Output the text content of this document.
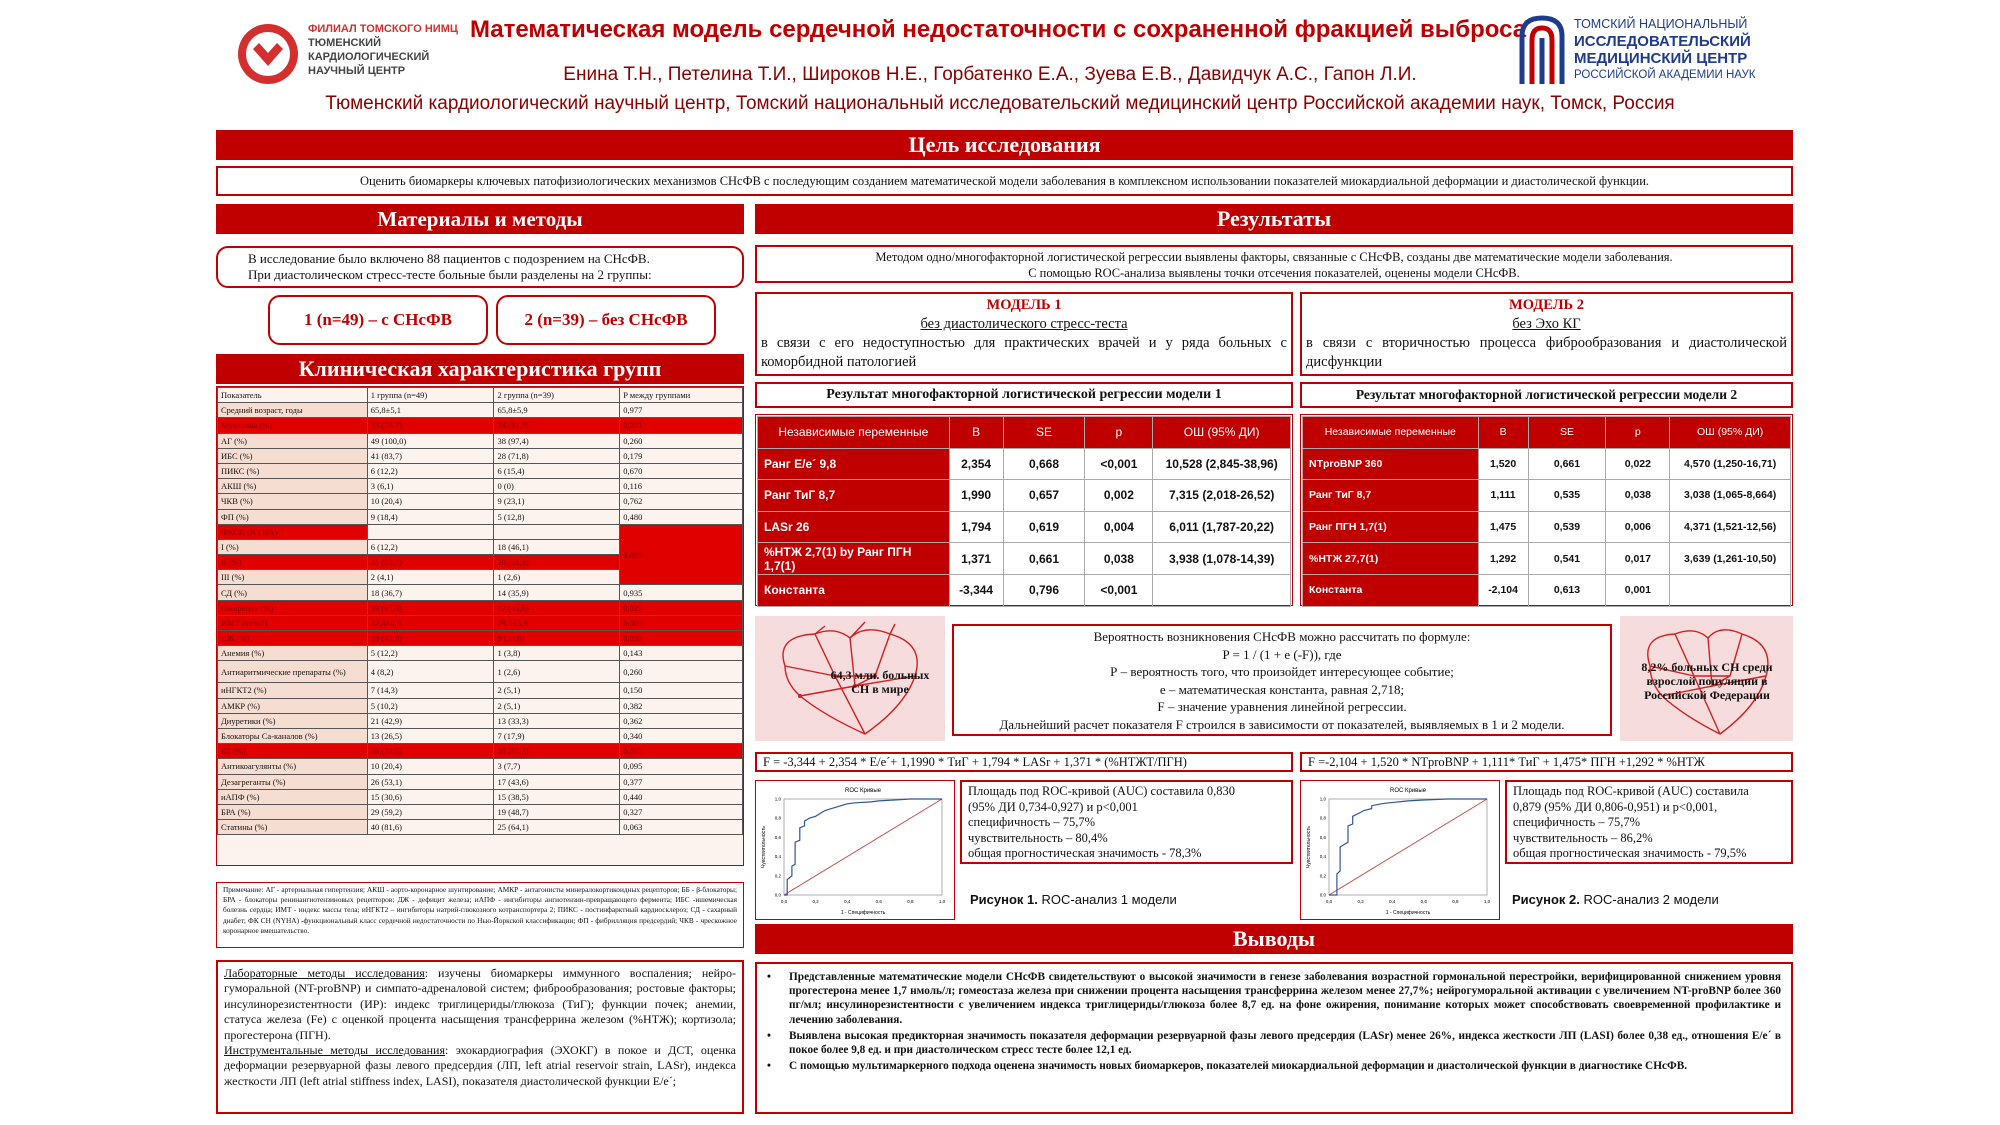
ФИЛИАЛ ТОМСКОГО НИМЦ
ТЮМЕНСКИЙ
КАРДИОЛОГИЧЕСКИЙ
НАУЧНЫЙ ЦЕНТР
Математическая модель сердечной недостаточности с сохраненной фракцией выброса
Енина Т.Н., Петелина Т.И., Широков Н.Е., Горбатенко Е.А., Зуева Е.В., Давидчук А.С., Гапон Л.И.
Тюменский кардиологический научный центр, Томский национальный исследовательский медицинский центр Российской академии наук, Томск, Россия
ТОМСКИЙ НАЦИОНАЛЬНЫЙ
ИССЛЕДОВАТЕЛЬСКИЙ
МЕДИЦИНСКИЙ ЦЕНТР
РОССИЙСКОЙ АКАДЕМИИ НАУК
Цель исследования
Оценить биомаркеры ключевых патофизиологических механизмов СНсФВ с последующим созданием математической модели заболевания в комплексном использовании показателей миокардиальной деформации и диастолической функции.
Материалы и методы
В исследование было включено 88 пациентов с подозрением на СНсФВ.
При диастолическом стресс-тесте больные были разделены на 2 группы:
1 (n=49) – с СНсФВ	2 (n=39) – без СНсФВ
Клиническая характеристика групп
Показатель	1 группа (n=49)	2 группа (n=39)	P между группами
Средний возраст, годы	65,8±5,1	65,8±5,9	0,977
Мужчины (%)	18 (36,7)	24 (61,5)	0,021
АГ (%)	49 (100,0)	38 (97,4)	0,260
ИБС (%)	41 (83,7)	28 (71,8)	0,179
ПИКС (%)	6 (12,2)	6 (15,4)	0,670
АКШ (%)	3 (6,1)	0 (0)	0,116
ЧКВ (%)	10 (20,4)	9 (23,1)	0,762
ФП (%)	9 (18,4)	5 (12,8)	0,480
ФКСН (NYHA)			0,003
I (%)	6 (12,2)	18 (46,1)	
II (%)	41 (83,7)	20 (51,3)	
III (%)	2 (4,1)	1 (2,6)	
СД (%)	18 (36,7)	14 (35,9)	0,935
Ожирение (%)	33 (67,3)	17 (43,6)	0,025
ИМТ (кг/м2)	32,4±4,9	29,9±3,9	0,003
ДЖ (%)	18 (43,9)	9 (24,6)	0,033
Анемия (%)	5 (12,2)	1 (3,8)	0,143
Антиаритмические препараты (%)	4 (8,2)	1 (2,6)	0,260
иНГКТ2 (%)	7 (14,3)	2 (5,1)	0,150
АМКР (%)	5 (10,2)	2 (5,1)	0,382
Диуретики (%)	21 (42,9)	13 (33,3)	0,362
Блокаторы Ca-каналов (%)	13 (26,5)	7 (17,9)	0,340
ББ (%)	36 (73,5)	20 (51,3)	0,032
Антикоагулянты (%)	10 (20,4)	3 (7,7)	0,095
Дезагреганты (%)	26 (53,1)	17 (43,6)	0,377
иАПФ (%)	15 (30,6)	15 (38,5)	0,440
БРА (%)	29 (59,2)	19 (48,7)	0,327
Статины (%)	40 (81,6)	25 (64,1)	0,063
Примечание: АГ - артериальная гипертензия; АКШ - аорто-коронарное шунтирование; АМКР - антагонисты минералокортикоидных рецепторов; ББ - β-блокаторы; БРА - блокаторы ренинангиотензиновых рецепторов; ДЖ - дефицит железа; иАПФ - ингибиторы ангиотензин-превращающего фермента; ИБС -ишемическая болезнь сердца; ИМТ - индекс массы тела; иНГКТ2 – ингибиторы натрий-глюкозного котранспортера 2; ПИКС - постинфарктный кардиосклероз; СД - сахарный диабет; ФК СН (NYHA) -функциональный класс сердечной недостаточности по Нью-Йоркской классификации; ФП - фибрилляция предсердий; ЧКВ - чрескожное коронарное вмешательство.
Лабораторные методы исследования: изучены биомаркеры иммунного воспаления; нейро-гуморальной (NT-proBNP) и симпато-адреналовой систем; фиброобразования; ростовые факторы; инсулинорезистентности (ИР): индекс триглицериды/глюкоза (ТиГ); функции почек; анемии, статуса железа (Fe) с оценкой процента насыщения трансферрина железом (%НТЖ); кортизола; прогестерона (ПГН).
Инструментальные методы исследования: эхокардиография (ЭХОКГ) в покое и ДСТ, оценка деформации резервуарной фазы левого предсердия (ЛП, left atrial reservoir strain, LASr), индекса жесткости ЛП (left atrial stiffness index, LASI), показателя диастолической функции E/e´;
Результаты
Методом одно/многофакторной логистической регрессии выявлены факторы, связанные с СНсФВ, созданы две математические модели заболевания.
С помощью ROC-анализа выявлены точки отсечения показателей, оценены модели СНсФВ.
МОДЕЛЬ 1
без диастолического стресс-теста
в связи с его недоступностью для практических врачей и у ряда больных с коморбидной патологией
МОДЕЛЬ 2
без Эхо КГ
в связи с вторичностью процесса фиброобразования и диастолической дисфункции
Результат многофакторной логистической регрессии модели 1	Результат многофакторной логистической регрессии модели 2
Независимые переменные	B	SE	p	ОШ (95% ДИ)
Ранг E/e´ 9,8	2,354	0,668	<0,001	10,528 (2,845-38,96)
Ранг ТиГ 8,7	1,990	0,657	0,002	7,315 (2,018-26,52)
LASr 26	1,794	0,619	0,004	6,011 (1,787-20,22)
%НТЖ 2,7(1) by Ранг ПГН 1,7(1)	1,371	0,661	0,038	3,938 (1,078-14,39)
Константа	-3,344	0,796	<0,001	
Независимые переменные	B	SE	p	ОШ (95% ДИ)
NTproBNP 360	1,520	0,661	0,022	4,570 (1,250-16,71)
Ранг ТиГ 8,7	1,111	0,535	0,038	3,038 (1,065-8,664)
Ранг ПГН 1,7(1)	1,475	0,539	0,006	4,371 (1,521-12,56)
%НТЖ 27,7(1)	1,292	0,541	0,017	3,639 (1,261-10,50)
Константа	-2,104	0,613	0,001	
64,3 млн. больных СН в мире
Вероятность возникновения СНсФВ можно рассчитать по формуле:
P = 1 / (1 + e (-F)), где
Р – вероятность того, что произойдет интересующее событие;
е – математическая константа, равная 2,718;
F – значение уравнения линейной регрессии.
Дальнейший расчет показателя F строился в зависимости от показателей, выявляемых в 1 и 2 модели.
8,2% больных СН среди взрослой популяции в Российской Федерации
F = -3,344 + 2,354 * E/e´+ 1,1990 * ТиГ + 1,794 * LASr + 1,371 * (%НТЖТ/ПГН)	F =-2,104 + 1,520 * NTproBNP + 1,111* ТиГ + 1,475* ПГН +1,292 * %НТЖ
ROC Кривые
1 - Специфичность
Чувствительность
0,0
0,0
0,2
0,2
0,4
0,4
0,6
0,6
0,8
0,8
1,0
1,0
Площадь под ROC-кривой (AUC) составила 0,830
(95% ДИ 0,734-0,927) и p<0,001
специфичность – 75,7%
чувствительность – 80,4%
общая прогностическая значимость - 78,3%
Рисунок 1. ROC-анализ 1 модели
ROC Кривые
1 - Специфичность
Чувствительность
0,0
0,0
0,2
0,2
0,4
0,4
0,6
0,6
0,8
0,8
1,0
1,0
Площадь под ROC-кривой (AUC) составила
0,879 (95% ДИ 0,806-0,951) и p<0,001,
специфичность – 75,7%
чувствительность – 86,2%
общая прогностическая значимость - 79,5%
Рисунок 2. ROC-анализ 2 модели
Выводы
•	Представленные математические модели СНсФВ свидетельствуют о высокой значимости в генезе заболевания возрастной гормональной перестройки, верифицированной снижением уровня прогестерона менее 1,7 нмоль/л; гомеостаза железа при снижении процента насыщения трансферрина железом менее 27,7%; нейрогуморальной активации с увеличением NT-proBNP более 360 пг/мл; инсулинорезистентности с увеличением индекса триглицериды/глюкоза более 8,7 ед. на фоне ожирения, понимание которых может способствовать своевременной профилактике и лечению заболевания.
•	Выявлена высокая предикторная значимость показателя деформации резервуарной фазы левого предсердия (LASr) менее 26%, индекса жесткости ЛП (LASI) более 0,38 ед., отношения E/e´ в покое более 9,8 ед. и при диастолическом стресс тесте более 12,1 ед.
•	С помощью мультимаркерного подхода оценена значимость новых биомаркеров, показателей миокардиальной деформации и диастолической функции в диагностике СНсФВ.
